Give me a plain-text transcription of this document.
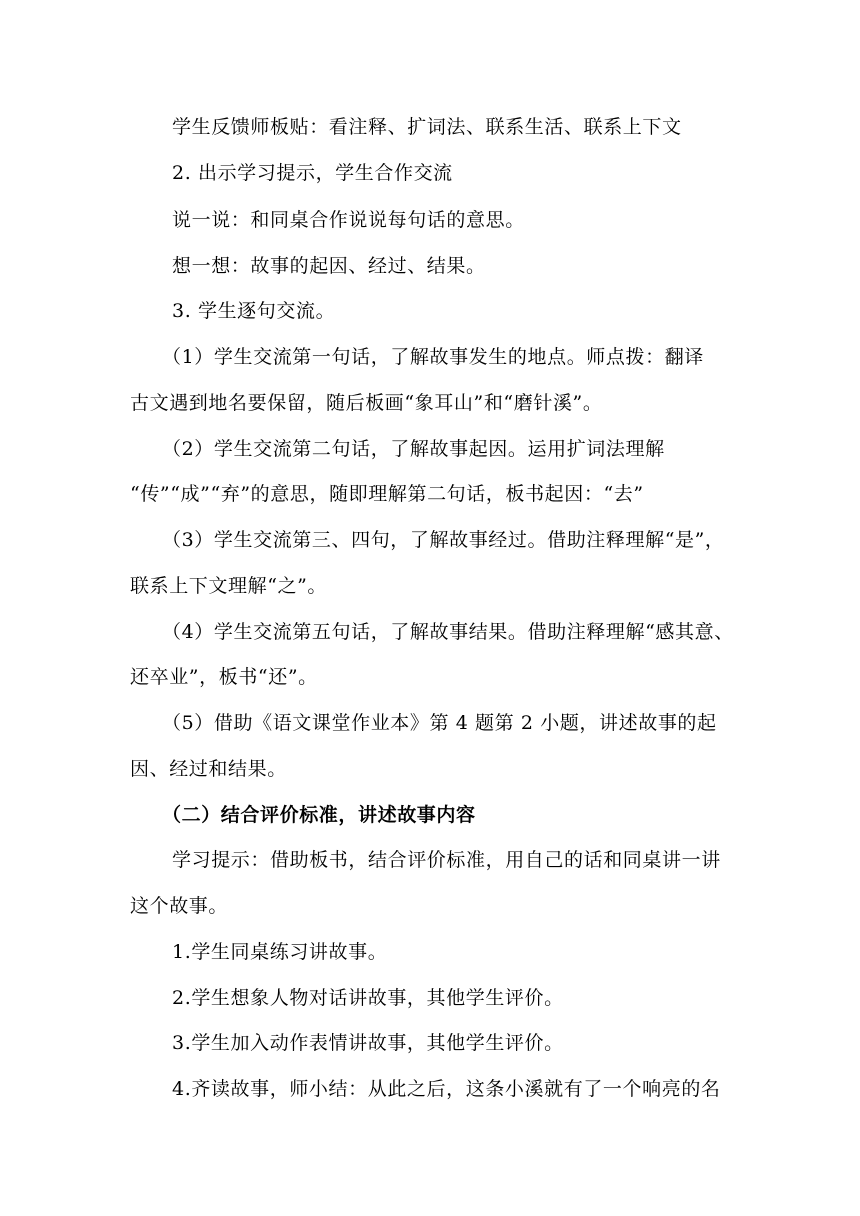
学生反馈师板贴：看注释、扩词法、联系生活、联系上下文
2. 出示学习提示，学生合作交流
说一说：和同桌合作说说每句话的意思。
想一想：故事的起因、经过、结果。
3. 学生逐句交流。
（1）学生交流第一句话，了解故事发生的地点。师点拨：翻译
古文遇到地名要保留，随后板画“象耳山”和“磨针溪”。
（2）学生交流第二句话，了解故事起因。运用扩词法理解
“传”“成”“弃”的意思，随即理解第二句话，板书起因：“去”
（3）学生交流第三、四句，了解故事经过。借助注释理解“是”，
联系上下文理解“之”。
（4）学生交流第五句话，了解故事结果。借助注释理解“感其意、
还卒业”，板书“还”。
（5）借助《语文课堂作业本》第 4 题第 2 小题，讲述故事的起
因、经过和结果。
（二）结合评价标准，讲述故事内容
学习提示：借助板书，结合评价标准，用自己的话和同桌讲一讲
这个故事。
1.学生同桌练习讲故事。
2.学生想象人物对话讲故事，其他学生评价。
3.学生加入动作表情讲故事，其他学生评价。
4.齐读故事，师小结：从此之后，这条小溪就有了一个响亮的名
